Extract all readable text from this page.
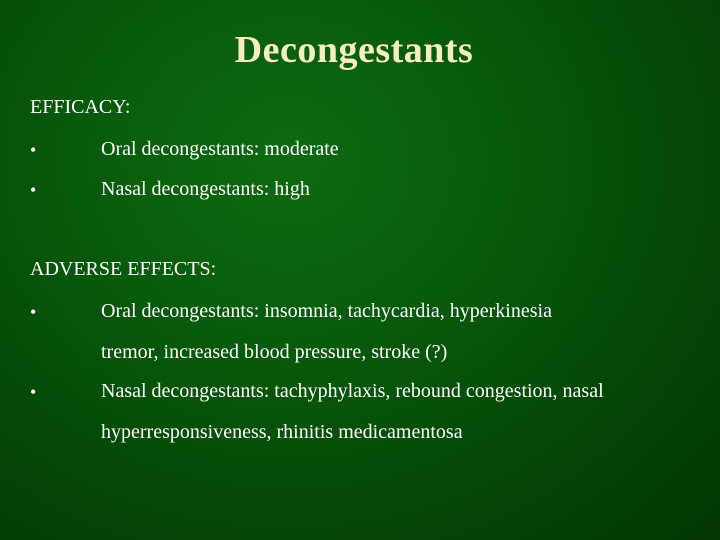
Decongestants
EFFICACY:
•	Oral decongestants: moderate
•	Nasal decongestants: high
ADVERSE EFFECTS:
•	Oral decongestants: insomnia, tachycardia, hyperkinesia
tremor, increased blood pressure, stroke (?)
•	Nasal decongestants: tachyphylaxis, rebound congestion, nasal
hyperresponsiveness, rhinitis medicamentosa
